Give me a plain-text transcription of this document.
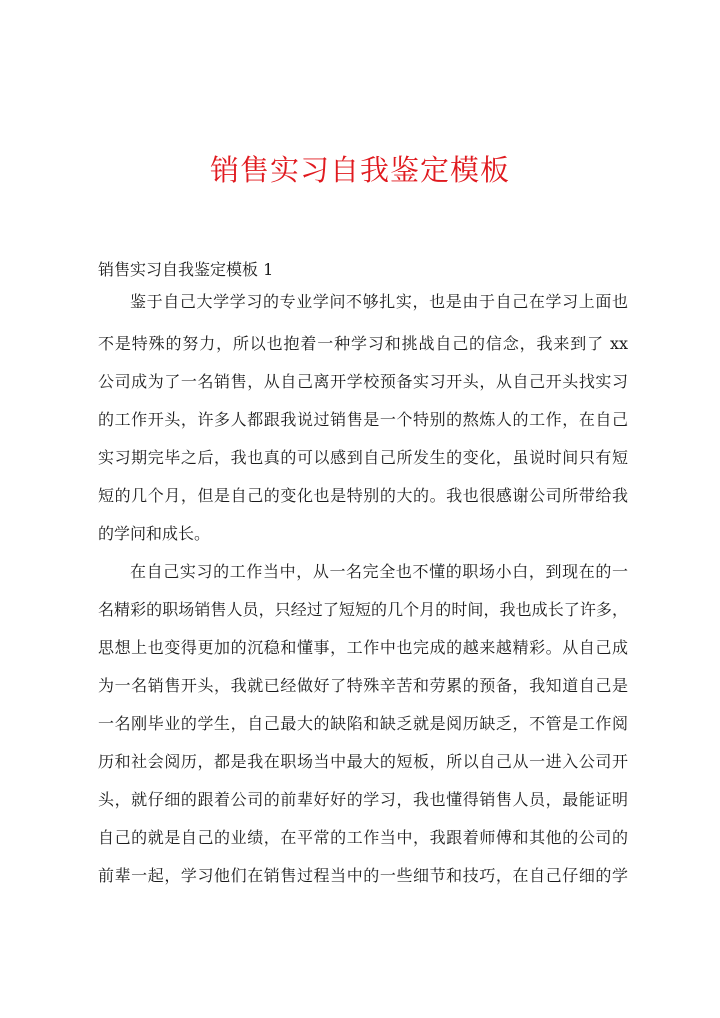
销售实习自我鉴定模板
销售实习自我鉴定模板 1
鉴于自己大学学习的专业学问不够扎实，也是由于自己在学习上面也
不是特殊的努力，所以也抱着一种学习和挑战自己的信念，我来到了 xx
公司成为了一名销售，从自己离开学校预备实习开头，从自己开头找实习
的工作开头，许多人都跟我说过销售是一个特别的熬炼人的工作，在自己
实习期完毕之后，我也真的可以感到自己所发生的变化，虽说时间只有短
短的几个月，但是自己的变化也是特别的大的。我也很感谢公司所带给我
的学问和成长。
在自己实习的工作当中，从一名完全也不懂的职场小白，到现在的一
名精彩的职场销售人员，只经过了短短的几个月的时间，我也成长了许多，
思想上也变得更加的沉稳和懂事，工作中也完成的越来越精彩。从自己成
为一名销售开头，我就已经做好了特殊辛苦和劳累的预备，我知道自己是
一名刚毕业的学生，自己最大的缺陷和缺乏就是阅历缺乏，不管是工作阅
历和社会阅历，都是我在职场当中最大的短板，所以自己从一进入公司开
头，就仔细的跟着公司的前辈好好的学习，我也懂得销售人员，最能证明
自己的就是自己的业绩，在平常的工作当中，我跟着师傅和其他的公司的
前辈一起，学习他们在销售过程当中的一些细节和技巧，在自己仔细的学
